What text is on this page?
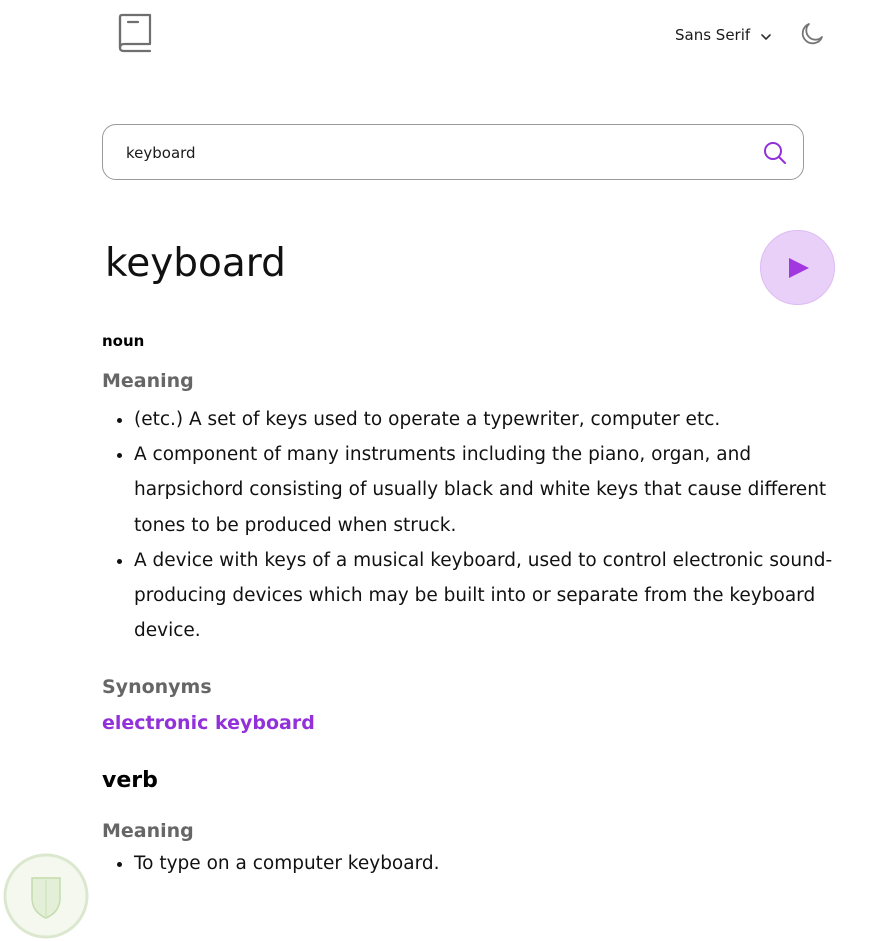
Sans Serif
keyboard
keyboard
noun
Meaning
• (etc.) A set of keys used to operate a typewriter, computer etc.
• A component of many instruments including the piano, organ, and harpsichord consisting of usually black and white keys that cause different tones to be produced when struck.
• A device with keys of a musical keyboard, used to control electronic sound-producing devices which may be built into or separate from the keyboard device.
Synonyms
electronic keyboard
verb
Meaning
• To type on a computer keyboard.
